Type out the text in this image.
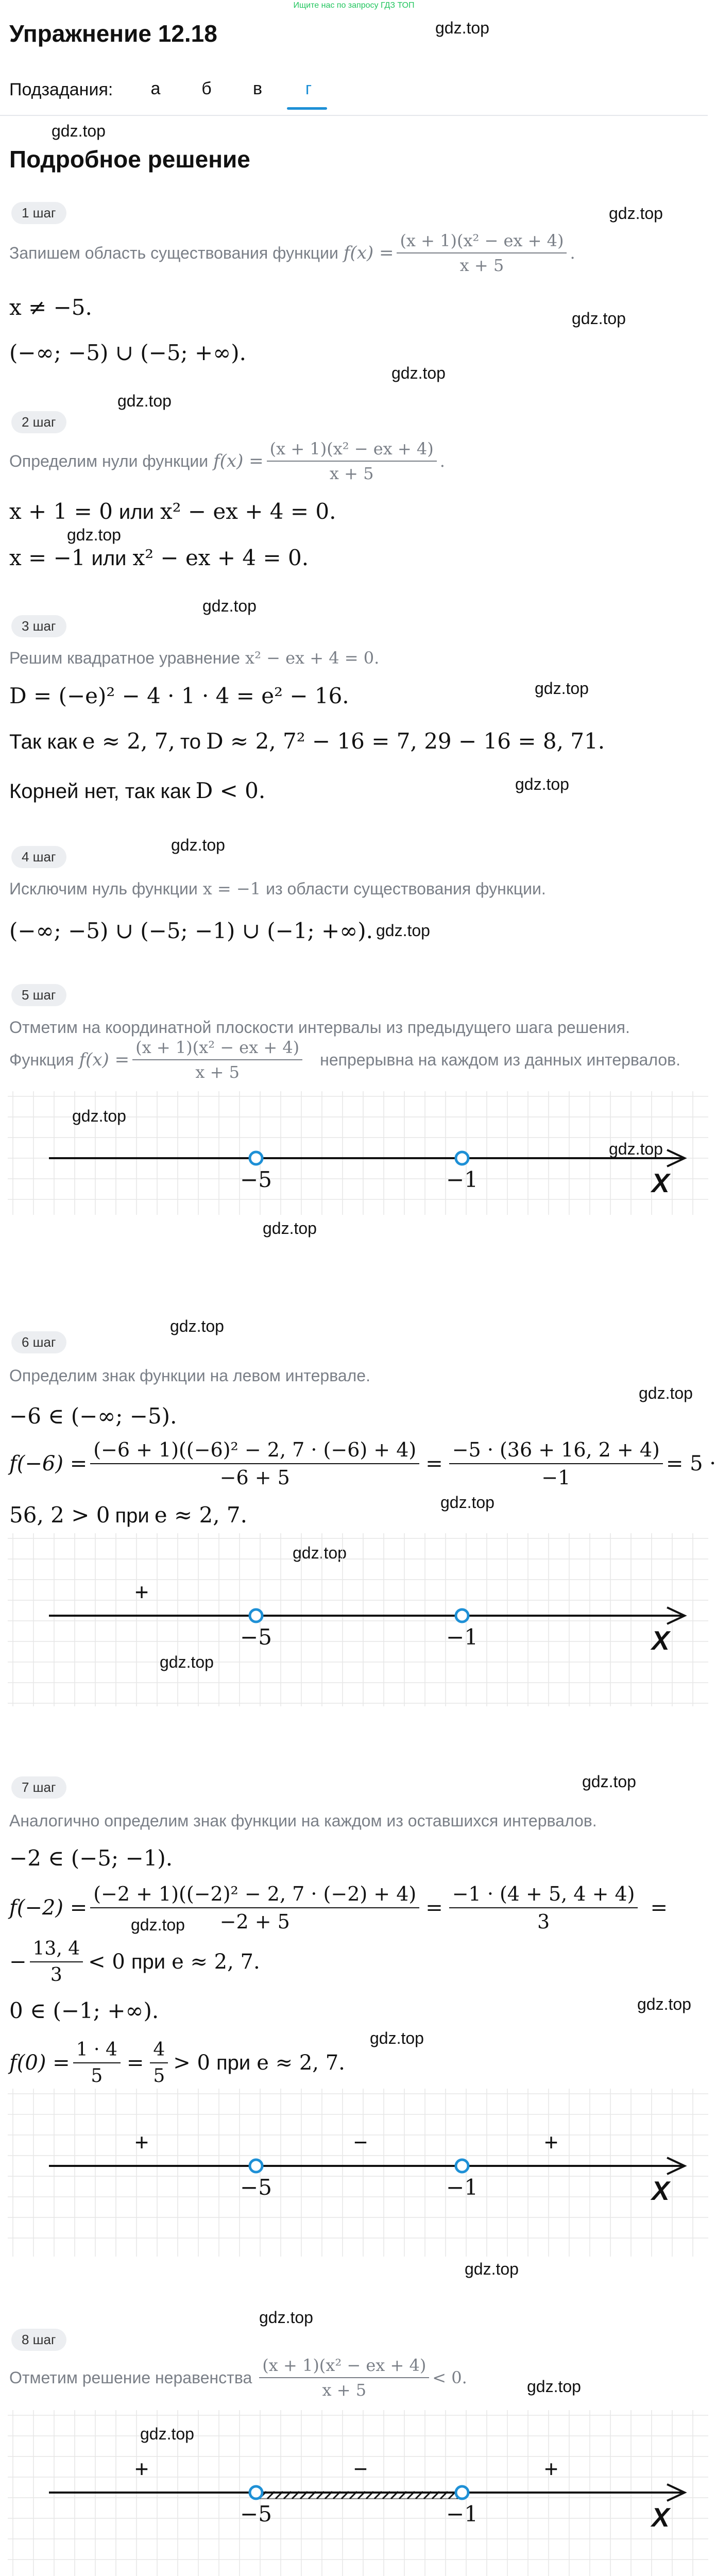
Ищите нас по запросу ГДЗ ТОП
gdz.top
Упражнение 12.18
Подзадания:	а	б	в	г
gdz.top
Подробное решение
1 шаг	gdz.top
Запишем область существования функции $f(x) = \frac{\text{(x + 1)(x² − ex + 4)}}{x + 5}$ .
x ≠ −5.	gdz.top
(−∞; −5) ∪ (−5; +∞).
gdz.top
gdz.top
2 шаг
Определим нули функции $f(x) = \frac{\text{(x + 1)(x² − ex + 4)}}{x + 5}$ .
x + 1 = 0 или x² − ex + 4 = 0.
gdz.top
x = −1 или x² − ex + 4 = 0.
gdz.top
3 шаг
Решим квадратное уравнение x² − ex + 4 = 0.
D = (−e)² − 4 · 1 · 4 = e² − 16.	gdz.top
Так как e ≈ 2, 7, то D ≈ 2, 7² − 16 = 7, 29 − 16 = 8, 71.
gdz.top
Корней нет, так как D < 0.
gdz.top
4 шаг
Исключим нуль функции x = −1 из области существования функции.
(−∞; −5) ∪ (−5; −1) ∪ (−1; +∞). gdz.top
5 шаг
Отметим на координатной плоскости интервалы из предыдущего шага решения.
Функция $f(x) = \frac{\text{(x + 1)(x² − ex + 4)}}{x + 5}$ непрерывна на каждом из данных интервалов.
X
−5	−1
gdz.top
gdz.top
gdz.top
gdz.top
6 шаг
Определим знак функции на левом интервале.
gdz.top
−6 ∈ (−∞; −5).
$f(-6) = \frac{\text{(−6 + 1)((−6)² − 2, 7 · (−6) + 4)}}{-6 + 5} = \frac{-5 \cdot (36 + 16, 2 + 4)}{-1} = 5$ ·
gdz.top
56, 2 > 0 при e ≈ 2, 7.
gdz.top
X
−5	−1
+
gdz.top
gdz.top
7 шаг
Аналогично определим знак функции на каждом из оставшихся интервалов.
−2 ∈ (−5; −1).
$f(-2) = \frac{\text{(−2 + 1)((−2)² − 2, 7 · (−2) + 4)}}{-2 + 5} = \frac{-1 \cdot (4 + 5, 4 + 4)}{3}$ =
gdz.top
− $\frac{13, 4}{3} < 0$ при e ≈ 2, 7.
gdz.top
0 ∈ (−1; +∞).
gdz.top
$f(0) = \frac{1 \cdot 4}{5} = \frac{4}{5} > 0$ при e ≈ 2, 7.
X
−5	−1
+	+
−
gdz.top
gdz.top
8 шаг
Отметим решение неравенства $\frac{\text{(x + 1)(x² − ex + 4)}}{x + 5} < 0$.	gdz.top
X
−5	−1
+	+
−
gdz.top
